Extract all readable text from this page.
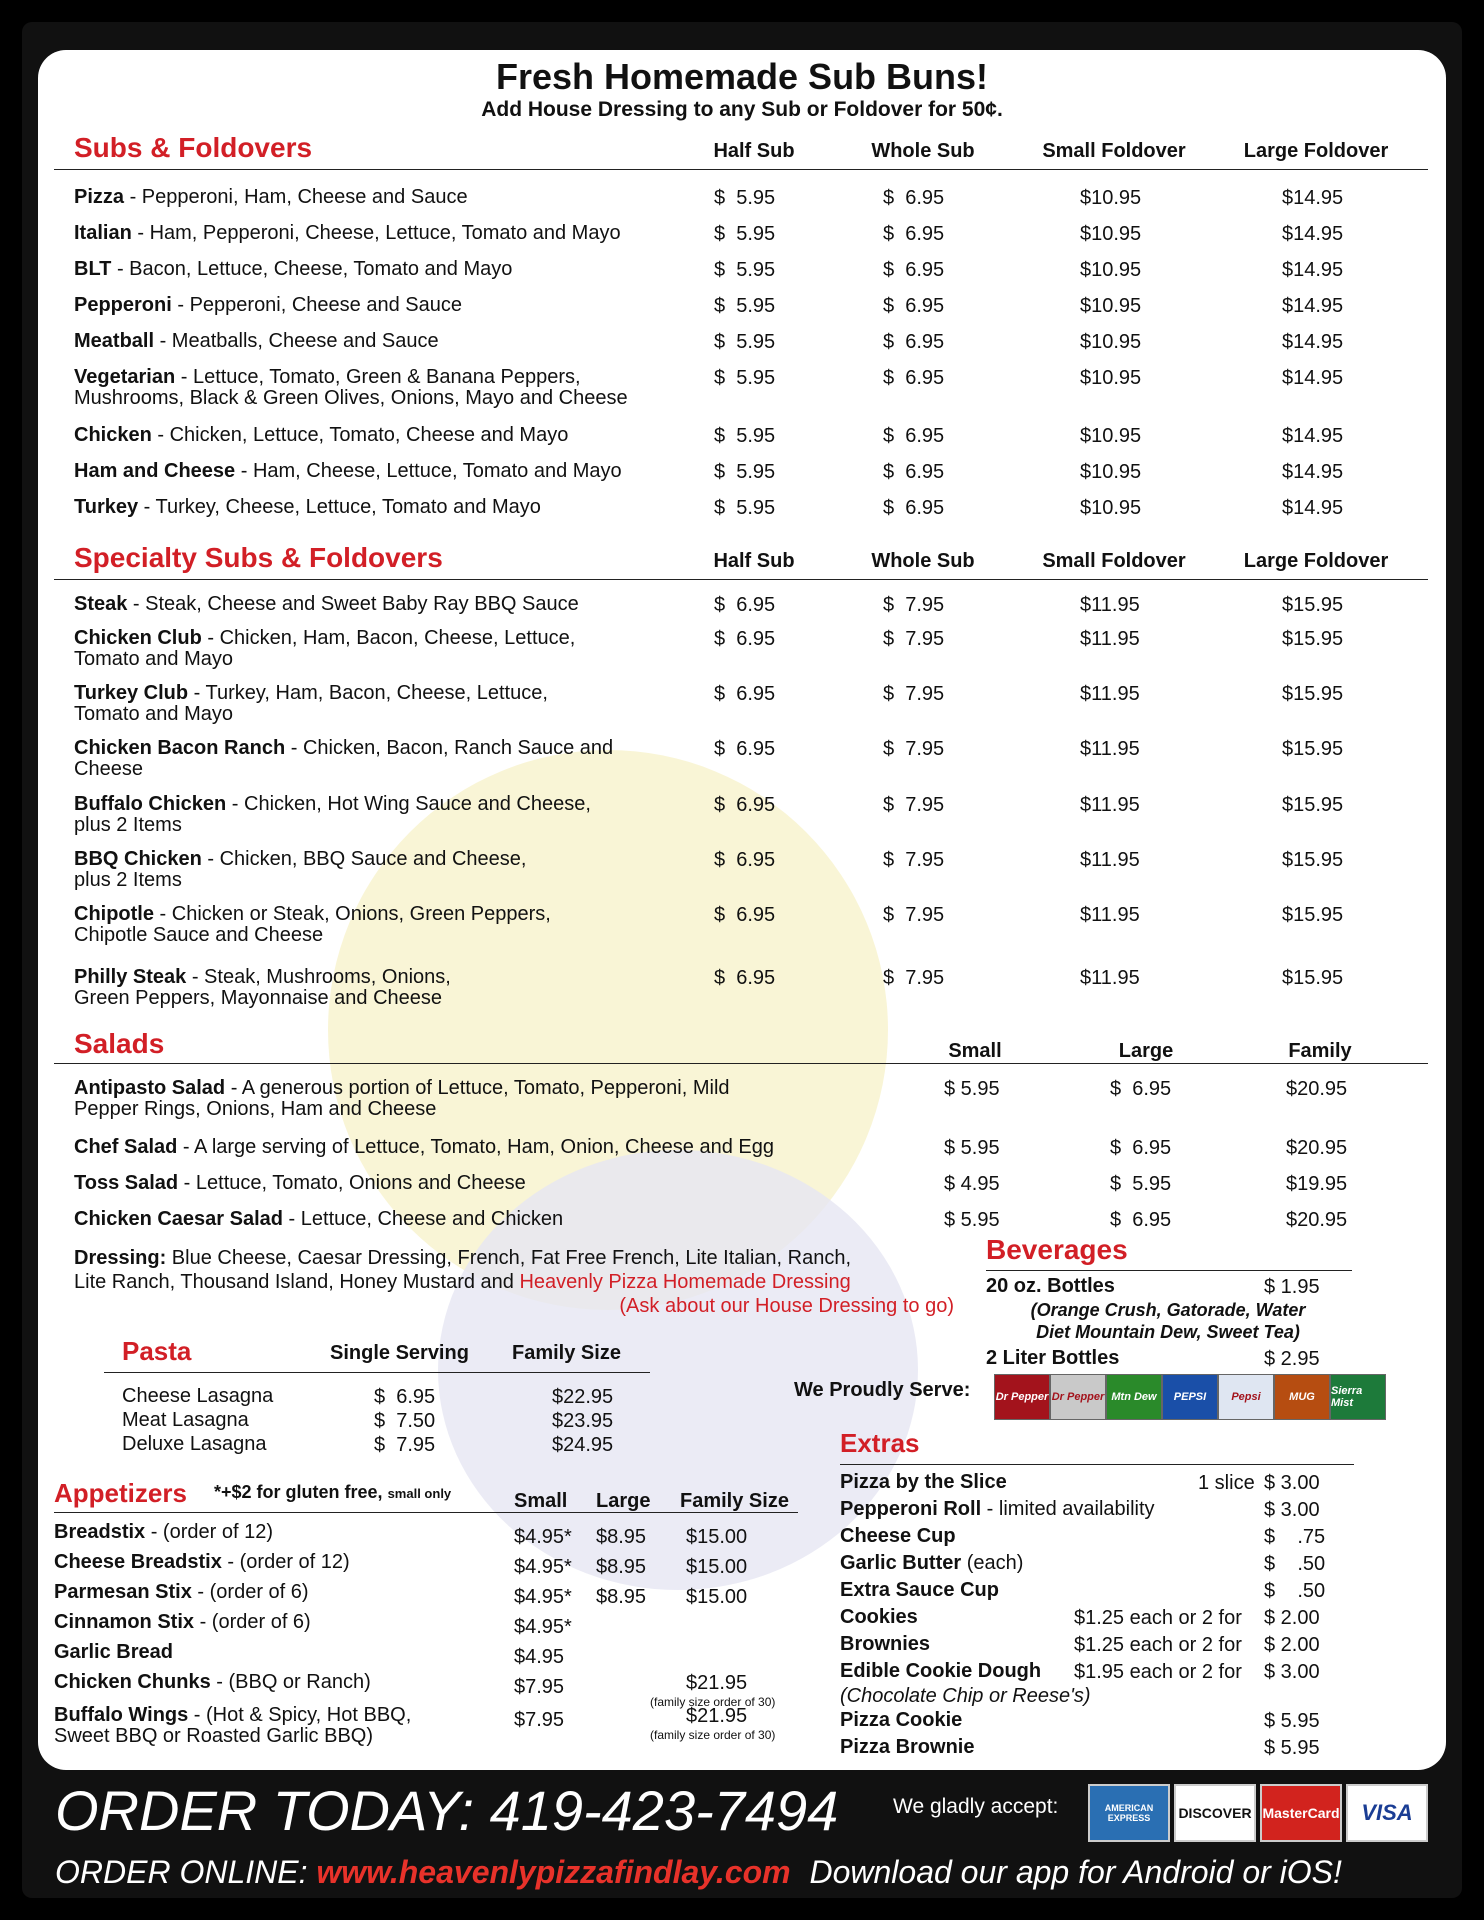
Fresh Homemade Sub Buns!
Add House Dressing to any Sub or Foldover for 50¢.
Dressing: Blue Cheese, Caesar Dressing, French, Fat Free French, Lite Italian, Ranch,
Lite Ranch, Thousand Island, Honey Mustard and Heavenly Pizza Homemade Dressing
(Ask about our House Dressing to go)
Beverages
20 oz. Bottles	$ 1.95
(Orange Crush, Gatorade, Water
Diet Mountain Dew, Sweet Tea)
2 Liter Bottles	$ 2.95
We Proudly Serve: Dr Pepper Dr Pepper Mtn Dew	PEPSI	Pepsi	MUG	Sierra Mist
Pasta
Appetizers *+$2 for gluten free, small only
Extras
Subs & Foldovers	Half Sub	Whole Sub	Small Foldover	Large Foldover
Pizza - Pepperoni, Ham, Cheese and Sauce	$  5.95	$  6.95	$10.95	$14.95
Italian - Ham, Pepperoni, Cheese, Lettuce, Tomato and Mayo	$  5.95	$  6.95	$10.95	$14.95
BLT - Bacon, Lettuce, Cheese, Tomato and Mayo	$  5.95	$  6.95	$10.95	$14.95
Pepperoni - Pepperoni, Cheese and Sauce	$  5.95	$  6.95	$10.95	$14.95
Meatball - Meatballs, Cheese and Sauce	$  5.95	$  6.95	$10.95	$14.95
Vegetarian - Lettuce, Tomato, Green & Banana Peppers,
Mushrooms, Black & Green Olives, Onions, Mayo and Cheese
$  5.95	$  6.95	$10.95	$14.95
Chicken - Chicken, Lettuce, Tomato, Cheese and Mayo	$  5.95	$  6.95	$10.95	$14.95
Ham and Cheese - Ham, Cheese, Lettuce, Tomato and Mayo	$  5.95	$  6.95	$10.95	$14.95
Turkey - Turkey, Cheese, Lettuce, Tomato and Mayo	$  5.95	$  6.95	$10.95	$14.95
Specialty Subs & Foldovers	Half Sub	Whole Sub	Small Foldover	Large Foldover
Steak - Steak, Cheese and Sweet Baby Ray BBQ Sauce	$  6.95	$  7.95	$11.95	$15.95
Chicken Club - Chicken, Ham, Bacon, Cheese, Lettuce,
Tomato and Mayo
$  6.95	$  7.95	$11.95	$15.95
Turkey Club - Turkey, Ham, Bacon, Cheese, Lettuce,
Tomato and Mayo
$  6.95	$  7.95	$11.95	$15.95
Chicken Bacon Ranch - Chicken, Bacon, Ranch Sauce and
Cheese
$  6.95	$  7.95	$11.95	$15.95
Buffalo Chicken - Chicken, Hot Wing Sauce and Cheese,
plus 2 Items
$  6.95	$  7.95	$11.95	$15.95
BBQ Chicken - Chicken, BBQ Sauce and Cheese,
plus 2 Items
$  6.95	$  7.95	$11.95	$15.95
Chipotle - Chicken or Steak, Onions, Green Peppers,
Chipotle Sauce and Cheese
$  6.95	$  7.95	$11.95	$15.95
Philly Steak - Steak, Mushrooms, Onions,
Green Peppers, Mayonnaise and Cheese
$  6.95	$  7.95	$11.95	$15.95
Salads	Small	Large	Family
Antipasto Salad - A generous portion of Lettuce, Tomato, Pepperoni, Mild
Pepper Rings, Onions, Ham and Cheese
$ 5.95	$  6.95	$20.95
Chef Salad - A large serving of Lettuce, Tomato, Ham, Onion, Cheese and Egg	$ 5.95	$  6.95	$20.95
Toss Salad - Lettuce, Tomato, Onions and Cheese	$ 4.95	$  5.95	$19.95
Chicken Caesar Salad - Lettuce, Cheese and Chicken	$ 5.95	$  6.95	$20.95
Single Serving Family Size
Cheese Lasagna	$  6.95	$22.95
Meat Lasagna	$  7.50	$23.95
Deluxe Lasagna	$  7.95	$24.95
Small Large Family Size
Breadstix - (order of 12)	$4.95* $8.95 $15.00
Cheese Breadstix - (order of 12)	$4.95* $8.95 $15.00
Parmesan Stix - (order of 6)	$4.95* $8.95 $15.00
Cinnamon Stix - (order of 6)	$4.95*
Garlic Bread	$4.95
Chicken Chunks - (BBQ or Ranch)	$7.95	$21.95
(family size order of 30)
Buffalo Wings - (Hot & Spicy, Hot BBQ,
Sweet BBQ or Roasted Garlic BBQ)
$7.95	$21.95
(family size order of 30)
Pizza by the Slice	1 slice $ 3.00
Pepperoni Roll - limited availability	$ 3.00
Cheese Cup	$    .75
Garlic Butter (each)	$    .50
Extra Sauce Cup	$    .50
Cookies	$1.25 each or 2 for $ 2.00
Brownies	$1.25 each or 2 for $ 2.00
Edible Cookie Dough	$1.95 each or 2 for $ 3.00
Pizza Cookie	$ 5.95
Pizza Brownie	$ 5.95
(Chocolate Chip or Reese's)
ORDER TODAY: 419-423-7494	We gladly accept:	AMERICAN EXPRESS	DISCOVER MasterCard VISA
ORDER ONLINE: www.heavenlypizzafindlay.com Download our app for Android or iOS!
